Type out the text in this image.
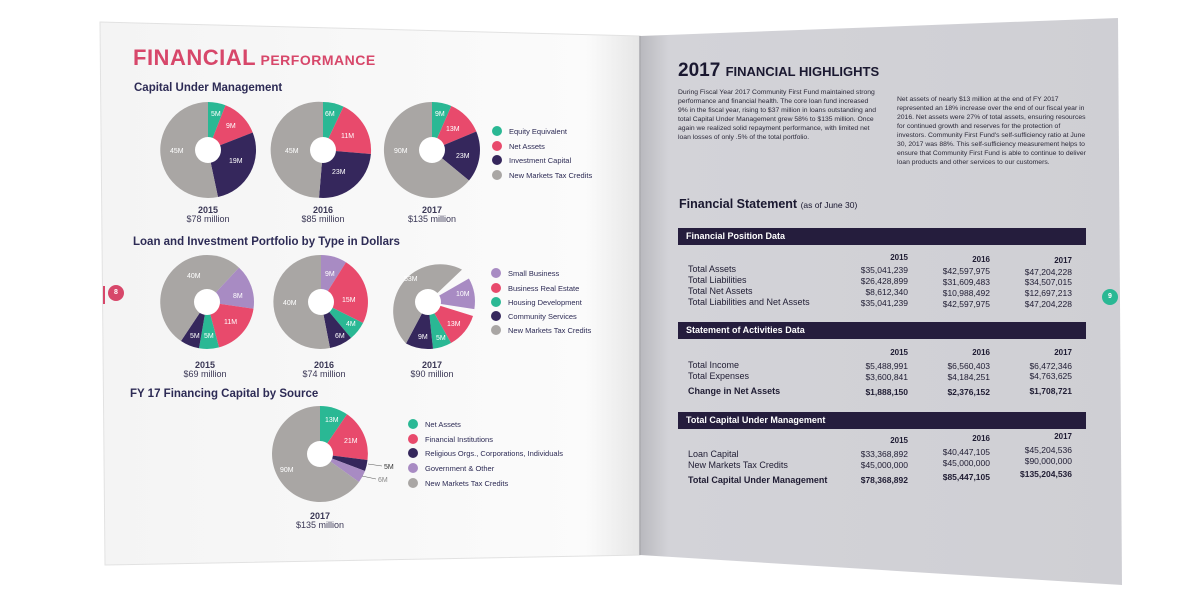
FINANCIAL PERFORMANCE
8
Capital Under Management
5M
9M
19M
45M
6M
11M
23M
45M
9M
13M
23M
90M
2015
$78 million
2016
$85 million
2017
$135 million
Equity Equivalent
Net Assets
Investment Capital
New Markets Tax Credits
Loan and Investment Portfolio by Type in Dollars
8M
11M
5M
5M
40M	9M
15M
4M
6M
40M
10M
13M
5M
9M
53M
2015
$69 million
2016
$74 million
2017
$90 million
Small Business
Business Real Estate
Housing Development
Community Services
New Markets Tax Credits
FY 17 Financing Capital by Source
13M
21M
5M
6M
90M
2017
$135 million
Net Assets
Financial Institutions
Religious Orgs., Corporations, Individuals
Government & Other
New Markets Tax Credits
2017 FINANCIAL HIGHLIGHTS
During Fiscal Year 2017 Community First Fund maintained strong performance and financial health. The core loan fund increased 9% in the fiscal year, rising to $37 million in loans outstanding and total Capital Under Management grew 58% to $135 million. Once again we realized solid repayment performance, with limited net loan losses of only .5% of the total portfolio.
Net assets of nearly $13 million at the end of FY 2017 represented an 18% increase over the end of our fiscal year in 2016. Net assets were 27% of total assets, ensuring resources for continued growth and reserves for the protection of investors. Community First Fund's self-sufficiency ratio at June 30, 2017 was 88%. This self-sufficiency measurement helps to ensure that Community First Fund is able to continue to deliver loan products and other services to our customers.
Financial Statement (as of June 30)
9
Financial Position Data
2015	2016	2017
Total Assets	$35,041,239	$42,597,975	$47,204,228
Total Liabilities	$26,428,899	$31,609,483	$34,507,015
Total Net Assets	$8,612,340	$10,988,492	$12,697,213
Total Liabilities and Net Assets	$35,041,239	$42,597,975	$47,204,228
Statement of Activities Data
2015	2016	2017
Total Income	$5,488,991	$6,560,403	$6,472,346
Total Expenses	$3,600,841	$4,184,251	$4,763,625
Change in Net Assets	$1,888,150	$2,376,152	$1,708,721
Total Capital Under Management
2015	2016	2017
Loan Capital	$33,368,892	$40,447,105	$45,204,536
New Markets Tax Credits	$45,000,000	$45,000,000	$90,000,000
Total Capital Under Management	$78,368,892	$85,447,105	$135,204,536
